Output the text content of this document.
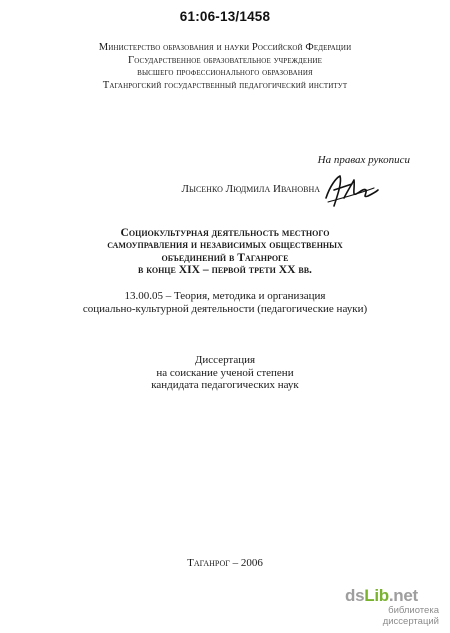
61:06-13/1458
Министерство образования и науки Российской Федерации
Государственное образовательное учреждение
высшего профессионального образования
Таганрогский государственный педагогический институт
На правах рукописи
Лысенко Людмила Ивановна
Социокультурная деятельность местного
самоуправления и независимых общественных
объединений в Таганроге
в конце XIX – первой трети XX вв.
13.00.05 – Теория, методика и организация
социально-культурной деятельности (педагогические науки)
Диссертация
на соискание ученой степени
кандидата педагогических наук
Таганрог – 2006
dsLib.net
библиотека диссертаций
